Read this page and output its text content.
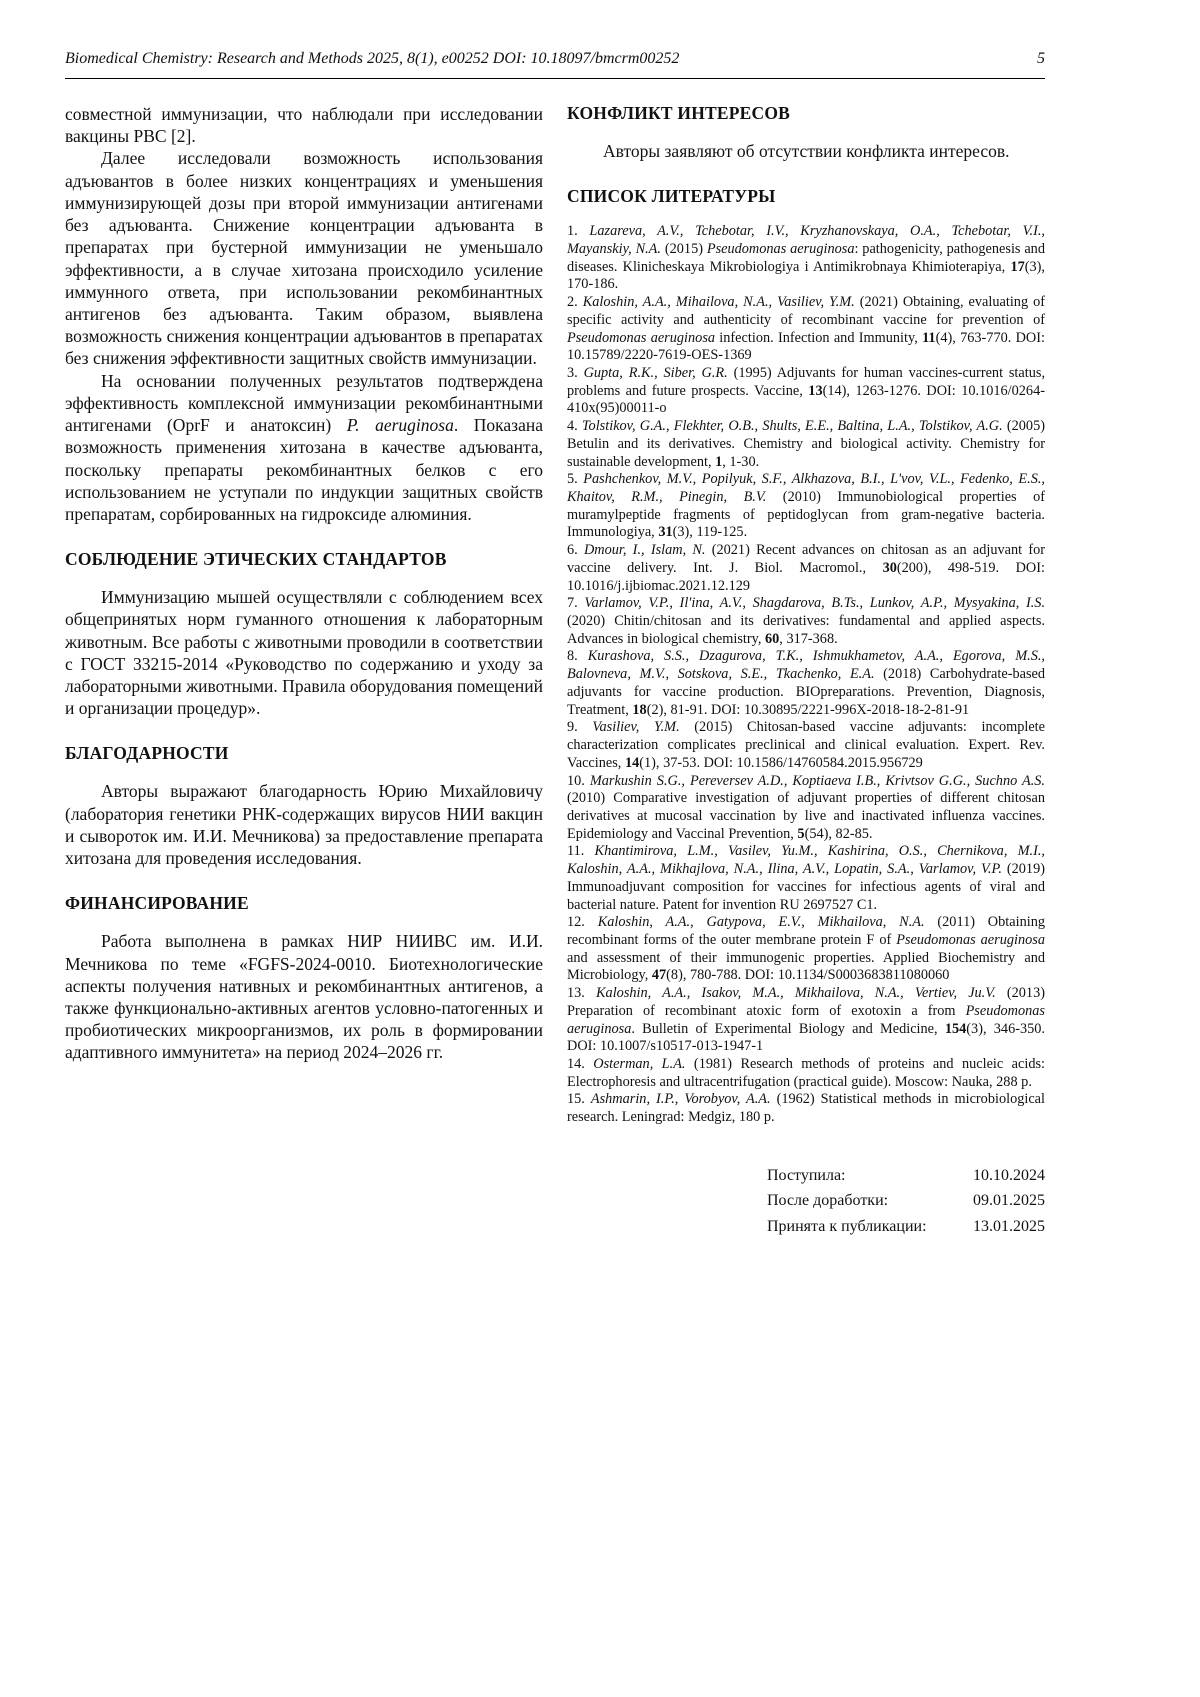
Biomedical Chemistry: Research and Methods 2025, 8(1), e00252 DOI: 10.18097/bmcrm00252	5

совместной иммунизации, что наблюдали при исследовании вакцины РВС [2].

Далее исследовали возможность использования адъювантов в более низких концентрациях и уменьшения иммунизирующей дозы при второй иммунизации антигенами без адъюванта. Снижение концентрации адъюванта в препаратах при бустерной иммунизации не уменьшало эффективности, а в случае хитозана происходило усиление иммунного ответа, при использовании рекомбинантных антигенов без адъюванта. Таким образом, выявлена возможность снижения концентрации адъювантов в препаратах без снижения эффективности защитных свойств иммунизации.

На основании полученных результатов подтверждена эффективность комплексной иммунизации рекомбинантными антигенами (OprF и анатоксин) P. aeruginosa. Показана возможность применения хитозана в качестве адъюванта, поскольку препараты рекомбинантных белков с его использованием не уступали по индукции защитных свойств препаратам, сорбированных на гидроксиде алюминия.

СОБЛЮДЕНИЕ ЭТИЧЕСКИХ СТАНДАРТОВ

Иммунизацию мышей осуществляли с соблюдением всех общепринятых норм гуманного отношения к лабораторным животным. Все работы с животными проводили в соответствии с ГОСТ 33215-2014 «Руководство по содержанию и уходу за лабораторными животными. Правила оборудования помещений и организации процедур».

БЛАГОДАРНОСТИ

Авторы выражают благодарность Юрию Михайловичу (лаборатория генетики РНК-содержащих вирусов НИИ вакцин и сывороток им. И.И. Мечникова) за предоставление препарата хитозана для проведения исследования.

ФИНАНСИРОВАНИЕ

Работа выполнена в рамках НИР НИИВС им. И.И. Мечникова по теме «FGFS-2024-0010. Биотехнологические аспекты получения нативных и рекомбинантных антигенов, а также функционально-активных агентов условно-патогенных и пробиотических микроорганизмов, их роль в формировании адаптивного иммунитета» на период 2024–2026 гг.

КОНФЛИКТ ИНТЕРЕСОВ

Авторы заявляют об отсутствии конфликта интересов.

СПИСОК ЛИТЕРАТУРЫ

1. Lazareva, A.V., Tchebotar, I.V., Kryzhanovskaya, O.A., Tchebotar, V.I., Mayanskiy, N.A. (2015) Pseudomonas aeruginosa: pathogenicity, pathogenesis and diseases. Klinicheskaya Mikrobiologiya i Antimikrobnaya Khimioterapiya, 17(3), 170-186.

2. Kaloshin, A.A., Mihailova, N.A., Vasiliev, Y.M. (2021) Obtaining, evaluating of specific activity and authenticity of recombinant vaccine for prevention of Pseudomonas aeruginosa infection. Infection and Immunity, 11(4), 763-770. DOI: 10.15789/2220-7619-OES-1369

3. Gupta, R.K., Siber, G.R. (1995) Adjuvants for human vaccines-current status, problems and future prospects. Vaccine, 13(14), 1263-1276. DOI: 10.1016/0264-410x(95)00011-o

4. Tolstikov, G.A., Flekhter, O.B., Shults, E.E., Baltina, L.A., Tolstikov, A.G. (2005) Betulin and its derivatives. Chemistry and biological activity. Chemistry for sustainable development, 1, 1-30.

5. Pashchenkov, M.V., Popilyuk, S.F., Alkhazova, B.I., L'vov, V.L., Fedenko, E.S., Khaitov, R.M., Pinegin, B.V. (2010) Immunobiological properties of muramylpeptide fragments of peptidoglycan from gram-negative bacteria. Immunologiya, 31(3), 119-125.

6. Dmour, I., Islam, N. (2021) Recent advances on chitosan as an adjuvant for vaccine delivery. Int. J. Biol. Macromol., 30(200), 498-519. DOI: 10.1016/j.ijbiomac.2021.12.129

7. Varlamov, V.P., Il'ina, A.V., Shagdarova, B.Ts., Lunkov, A.P., Mysyakina, I.S. (2020) Chitin/chitosan and its derivatives: fundamental and applied aspects. Advances in biological chemistry, 60, 317-368.

8. Kurashova, S.S., Dzagurova, T.K., Ishmukhametov, A.A., Egorova, M.S., Balovneva, M.V., Sotskova, S.E., Tkachenko, E.A. (2018) Carbohydrate-based adjuvants for vaccine production. BIOpreparations. Prevention, Diagnosis, Treatment, 18(2), 81-91. DOI: 10.30895/2221-996X-2018-18-2-81-91

9. Vasiliev, Y.M. (2015) Chitosan-based vaccine adjuvants: incomplete characterization complicates preclinical and clinical evaluation. Expert. Rev. Vaccines, 14(1), 37-53. DOI: 10.1586/14760584.2015.956729

10. Markushin S.G., Pereversev A.D., Koptiaeva I.B., Krivtsov G.G., Suchno A.S. (2010) Comparative investigation of adjuvant properties of different chitosan derivatives at mucosal vaccination by live and inactivated influenza vaccines. Epidemiology and Vaccinal Prevention, 5(54), 82-85.

11. Khantimirova, L.M., Vasilev, Yu.M., Kashirina, O.S., Chernikova, M.I., Kaloshin, A.A., Mikhajlova, N.A., Ilina, A.V., Lopatin, S.A., Varlamov, V.P. (2019) Immunoadjuvant composition for vaccines for infectious agents of viral and bacterial nature. Patent for invention RU 2697527 C1.

12. Kaloshin, A.A., Gatypova, E.V., Mikhailova, N.A. (2011) Obtaining recombinant forms of the outer membrane protein F of Pseudomonas aeruginosa and assessment of their immunogenic properties. Applied Biochemistry and Microbiology, 47(8), 780-788. DOI: 10.1134/S0003683811080060

13. Kaloshin, A.A., Isakov, M.A., Mikhailova, N.A., Vertiev, Ju.V. (2013) Preparation of recombinant atoxic form of exotoxin a from Pseudomonas aeruginosa. Bulletin of Experimental Biology and Medicine, 154(3), 346-350. DOI: 10.1007/s10517-013-1947-1

14. Osterman, L.A. (1981) Research methods of proteins and nucleic acids: Electrophoresis and ultracentrifugation (practical guide). Moscow: Nauka, 288 p.

15. Ashmarin, I.P., Vorobyov, A.A. (1962) Statistical methods in microbiological research. Leningrad: Medgiz, 180 p.

Поступила:	10.10.2024
После доработки:	09.01.2025
Принята к публикации:	13.01.2025
